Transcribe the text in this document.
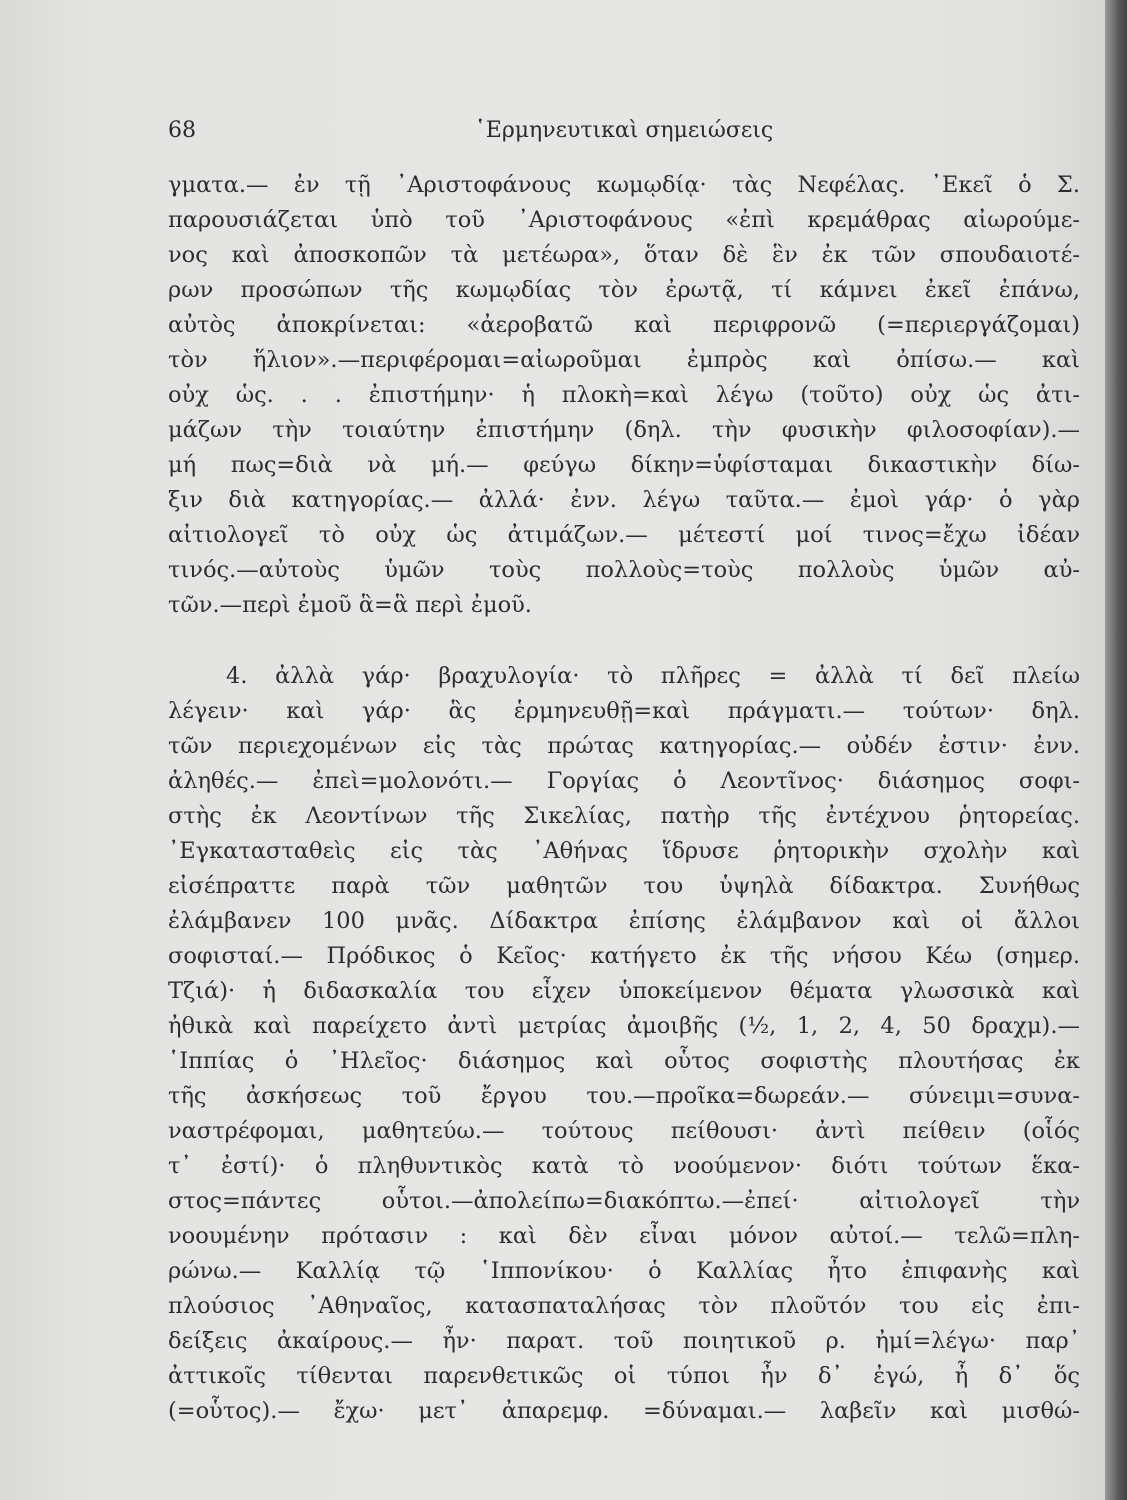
68	῾Ερμηνευτικαὶ σημειώσεις
γματα.— ἐν τῇ ᾿Αριστοφάνους κωμῳδίᾳ· τὰς Νεφέλας. ᾿Εκεῖ ὁ Σ.
παρουσιάζεται ὑπὸ τοῦ ᾿Αριστοφάνους «ἐπὶ κρεμάθρας αἰωρούμε-
νος καὶ ἀποσκοπῶν τὰ μετέωρα», ὅταν δὲ ἓν ἐκ τῶν σπουδαιοτέ-
ρων προσώπων τῆς κωμῳδίας τὸν ἐρωτᾷ, τί κάμνει ἐκεῖ ἐπάνω,
αὐτὸς ἀποκρίνεται: «ἀεροβατῶ καὶ περιφρονῶ (=περιεργάζομαι)
τὸν ἥλιον».—περιφέρομαι=αἰωροῦμαι ἐμπρὸς καὶ ὀπίσω.— καὶ
οὐχ ὡς. . . ἐπιστήμην· ἡ πλοκὴ=καὶ λέγω (τοῦτο) οὐχ ὡς ἀτι-
μάζων τὴν τοιαύτην ἐπιστήμην (δηλ. τὴν φυσικὴν φιλοσοφίαν).—
μή πως=διὰ νὰ μή.— φεύγω δίκην=ὑφίσταμαι δικαστικὴν δίω-
ξιν διὰ κατηγορίας.— ἀλλά· ἐνν. λέγω ταῦτα.— ἐμοὶ γάρ· ὁ γὰρ
αἰτιολογεῖ τὸ οὐχ ὡς ἀτιμάζων.— μέτεστί μοί τινος=ἔχω ἰδέαν
τινός.—αὐτοὺς ὑμῶν τοὺς πολλοὺς=τοὺς πολλοὺς ὑμῶν αὐ-
τῶν.—περὶ ἐμοῦ ἃ=ἃ περὶ ἐμοῦ.
4. ἀλλὰ γάρ· βραχυλογία· τὸ πλῆρες = ἀλλὰ τί δεῖ πλείω
λέγειν· καὶ γάρ· ἃς ἑρμηνευθῇ=καὶ πράγματι.— τούτων· δηλ.
τῶν περιεχομένων εἰς τὰς πρώτας κατηγορίας.— οὐδέν ἐστιν· ἐνν.
ἀληθές.— ἐπεὶ=μολονότι.— Γοργίας ὁ Λεοντῖνος· διάσημος σοφι-
στὴς ἐκ Λεοντίνων τῆς Σικελίας, πατὴρ τῆς ἐντέχνου ῥητορείας.
᾿Εγκατασταθεὶς εἰς τὰς ᾿Αθήνας ἵδρυσε ῥητορικὴν σχολὴν καὶ
εἰσέπραττε παρὰ τῶν μαθητῶν του ὑψηλὰ δίδακτρα. Συνήθως
ἐλάμβανεν 100 μνᾶς. Δίδακτρα ἐπίσης ἐλάμβανον καὶ οἱ ἄλλοι
σοφισταί.— Πρόδικος ὁ Κεῖος· κατήγετο ἐκ τῆς νήσου Κέω (σημερ.
Τζιά)· ἡ διδασκαλία του εἶχεν ὑποκείμενον θέματα γλωσσικὰ καὶ
ἠθικὰ καὶ παρείχετο ἀντὶ μετρίας ἀμοιβῆς (½, 1, 2, 4, 50 δραχμ).—
῾Ιππίας ὁ ᾿Ηλεῖος· διάσημος καὶ οὗτος σοφιστὴς πλουτήσας ἐκ
τῆς ἀσκήσεως τοῦ ἔργου του.—προῖκα=δωρεάν.— σύνειμι=συνα-
ναστρέφομαι, μαθητεύω.— τούτους πείθουσι· ἀντὶ πείθειν (οἷός
τ᾿ ἐστί)· ὁ πληθυντικὸς κατὰ τὸ νοούμενον· διότι τούτων ἕκα-
στος=πάντες οὗτοι.—ἀπολείπω=διακόπτω.—ἐπεί· αἰτιολογεῖ τὴν
νοουμένην πρότασιν : καὶ δὲν εἶναι μόνον αὐτοί.— τελῶ=πλη-
ρώνω.— Καλλίᾳ τῷ ῾Ιππονίκου· ὁ Καλλίας ἦτο ἐπιφανὴς καὶ
πλούσιος ᾿Αθηναῖος, κατασπαταλήσας τὸν πλοῦτόν του εἰς ἐπι-
δείξεις ἀκαίρους.— ἦν· παρατ. τοῦ ποιητικοῦ ρ. ἠμί=λέγω· παρ᾿
ἀττικοῖς τίθενται παρενθετικῶς οἱ τύποι ἦν δ᾿ ἐγώ, ἦ δ᾿ ὅς
(=οὗτος).— ἔχω· μετ᾿ ἀπαρεμφ. =δύναμαι.— λαβεῖν καὶ μισθώ-
